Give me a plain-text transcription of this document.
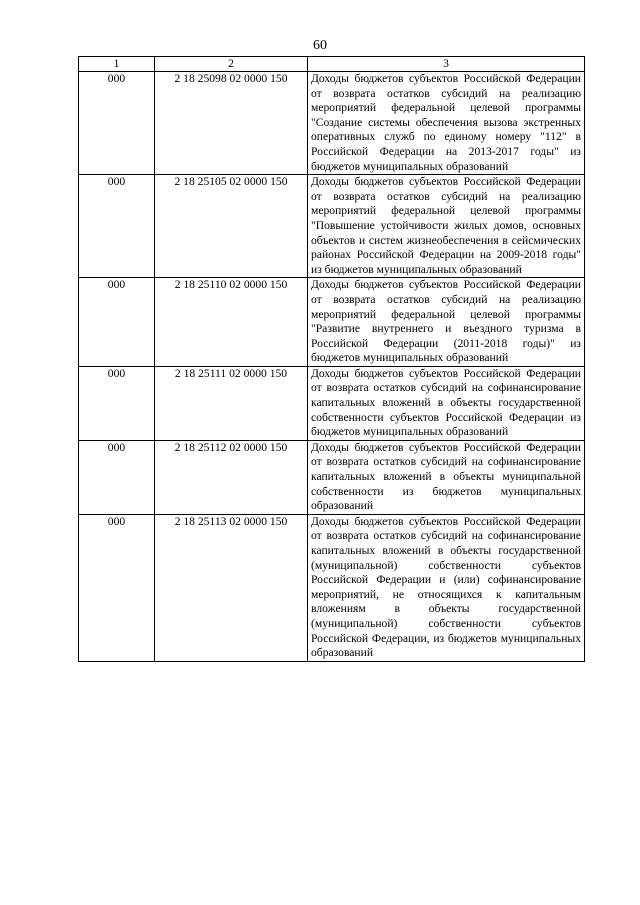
60
1	2	3
000	2 18 25098 02 0000 150	Доходы бюджетов субъектов Российской Федерации от возврата остатков субсидий на реализацию мероприятий федеральной целевой программы "Создание системы обеспечения вызова экстренных оперативных служб по единому номеру "112" в Российской Федерации на 2013-2017 годы" из бюджетов муниципальных образований
000	2 18 25105 02 0000 150	Доходы бюджетов субъектов Российской Федерации от возврата остатков субсидий на реализацию мероприятий федеральной целевой программы "Повышение устойчивости жилых домов, основных объектов и систем жизнеобеспечения в сейсмических районах Российской Федерации на 2009-2018 годы" из бюджетов муниципальных образований
000	2 18 25110 02 0000 150	Доходы бюджетов субъектов Российской Федерации от возврата остатков субсидий на реализацию мероприятий федеральной целевой программы "Развитие внутреннего и въездного туризма в Российской Федерации (2011-2018 годы)" из бюджетов муниципальных образований
000	2 18 25111 02 0000 150	Доходы бюджетов субъектов Российской Федерации от возврата остатков субсидий на софинансирование капитальных вложений в объекты государственной собственности субъектов Российской Федерации из бюджетов муниципальных образований
000	2 18 25112 02 0000 150	Доходы бюджетов субъектов Российской Федерации от возврата остатков субсидий на софинансирование капитальных вложений в объекты муниципальной собственности из бюджетов муниципальных образований
000	2 18 25113 02 0000 150	Доходы бюджетов субъектов Российской Федерации от возврата остатков субсидий на софинансирование капитальных вложений в объекты государственной (муниципальной) собственности субъектов Российской Федерации и (или) софинансирование мероприятий, не относящихся к капитальным вложениям в объекты государственной (муниципальной) собственности субъектов Российской Федерации, из бюджетов муниципальных образований
